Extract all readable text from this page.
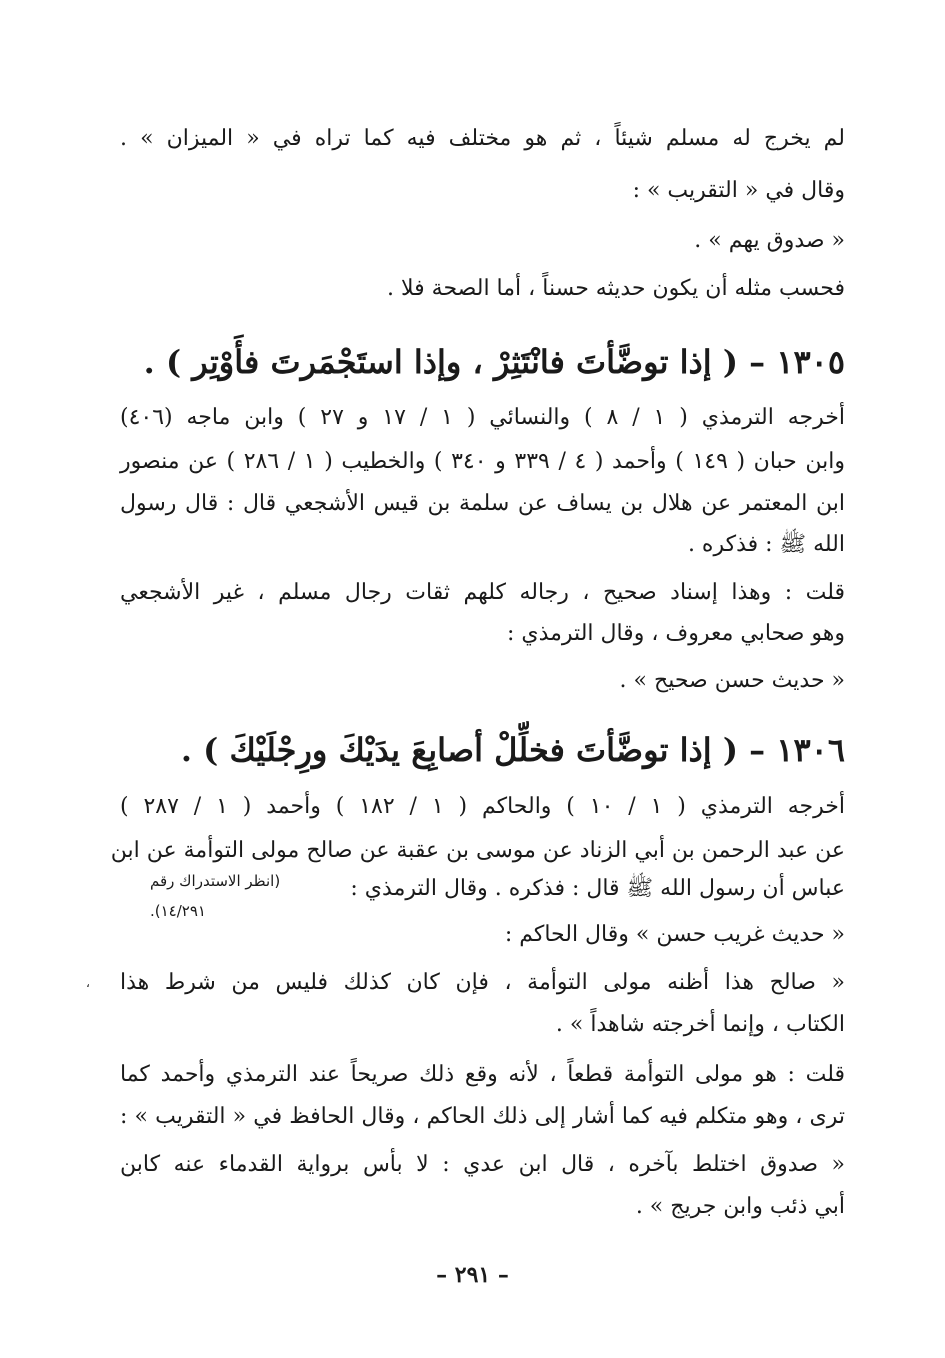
لم يخرج له مسلم شيئاً ، ثم هو مختلف فيه كما تراه في « الميزان » .
وقال في « التقريب » :
« صدوق يهم » .
فحسب مثله أن يكون حديثه حسناً ، أما الصحة فلا .
١٣٠٥ – ( إذا توضَّأتَ فانْتَثِرْ ، وإذا استَجْمَرتَ فأَوْتِر ) .
أخرجه الترمذي ( ١ / ٨ ) والنسائي ( ١ / ١٧ و ٢٧ ) وابن ماجه (٤٠٦)
وابن حبان ( ١٤٩ ) وأحمد ( ٤ / ٣٣٩ و ٣٤٠ ) والخطيب ( ١ / ٢٨٦ ) عن منصور
ابن المعتمر عن هلال بن يساف عن سلمة بن قيس الأشجعي قال : قال رسول
الله ﷺ : فذكره .
قلت : وهذا إسناد صحيح ، رجاله كلهم ثقات رجال مسلم ، غير الأشجعي
وهو صحابي معروف ، وقال الترمذي :
« حديث حسن صحيح » .
١٣٠٦ – ( إذا توضَّأتَ فخلِّلْ أصابِعَ يدَيْكَ ورِجْلَيْكَ ) .
أخرجه الترمذي ( ١ / ١٠ ) والحاكم ( ١ / ١٨٢ ) وأحمد ( ١ / ٢٨٧ )
عن عبد الرحمن بن أبي الزناد عن موسى بن عقبة عن صالح مولى التوأمة عن ابن
عباس أن رسول الله ﷺ قال : فذكره . وقال الترمذي :
(انظر الاستدراك رقم
١٤/٢٩١).
« حديث غريب حسن » وقال الحاكم :
« صالح هذا أظنه مولى التوأمة ، فإن كان كذلك فليس من شرط هذا
،
الكتاب ، وإنما أخرجته شاهداً » .
قلت : هو مولى التوأمة قطعاً ، لأنه وقع ذلك صريحاً عند الترمذي وأحمد كما
ترى ، وهو متكلم فيه كما أشار إلى ذلك الحاكم ، وقال الحافظ في « التقريب » :
« صدوق اختلط بآخره ، قال ابن عدي : لا بأس برواية القدماء عنه كابن
أبي ذئب وابن جريج » .
– ٢٩١ –
